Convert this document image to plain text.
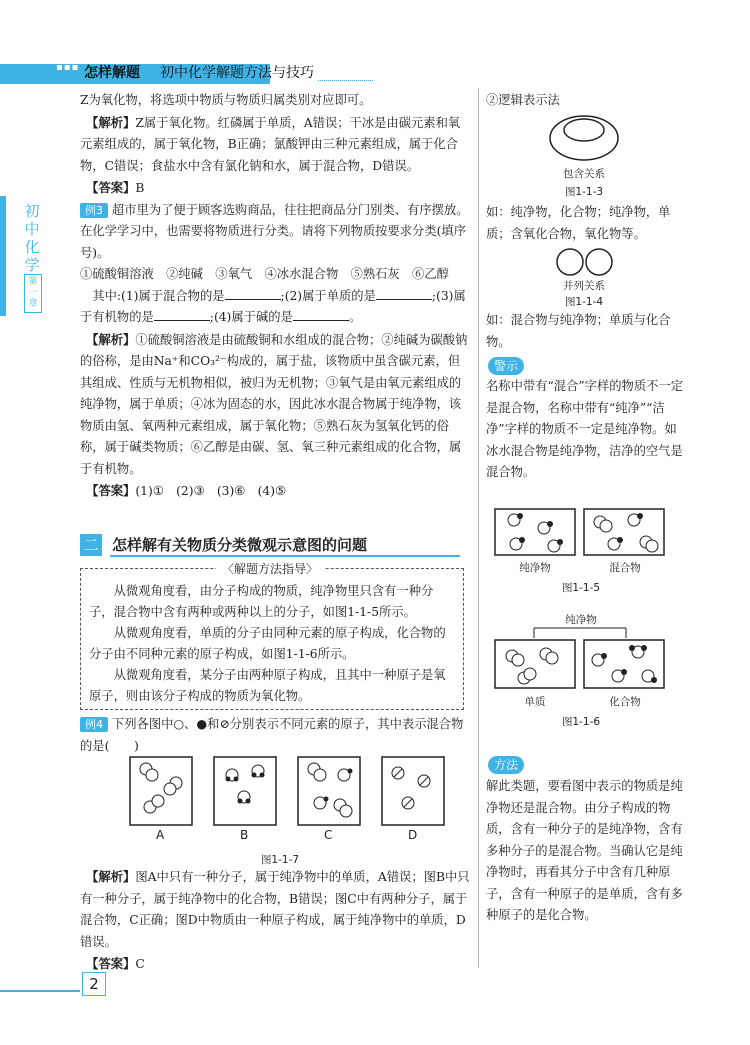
▪▪▪ 怎样解题 初中化学解题方法与技巧
初中化学
第一章

Z为氧化物，将选项中物质与物质归属类别对应即可。

　【解析】Z属于氧化物。红磷属于单质，A错误；干冰是由碳元素和氧元素组成的，属于氧化物，B正确；氯酸钾由三种元素组成，属于化合物，C错误；食盐水中含有氯化钠和水，属于混合物，D错误。

　【答案】B

例3 超市里为了便于顾客选购商品，往往把商品分门别类、有序摆放。在化学学习中，也需要将物质进行分类。请将下列物质按要求分类(填序号)。

①硫酸铜溶液　②纯碱　③氧气　④冰水混合物　⑤熟石灰　⑥乙醇

　其中:(1)属于混合物的是	;(2)属于单质的是	;(3)属于有机物的是	;(4)属于碱的是	。

　【解析】①硫酸铜溶液是由硫酸铜和水组成的混合物；②纯碱为碳酸钠的俗称，是由Na⁺和CO₃²⁻构成的，属于盐，该物质中虽含碳元素，但其组成、性质与无机物相似，被归为无机物；③氧气是由氧元素组成的纯净物，属于单质；④冰为固态的水，因此冰水混合物属于纯净物，该物质由氢、氧两种元素组成，属于氧化物；⑤熟石灰为氢氧化钙的俗称，属于碱类物质；⑥乙醇是由碳、氢、氧三种元素组成的化合物，属于有机物。

　【答案】(1)①　(2)③　(3)⑥　(4)⑤

二 怎样解有关物质分类微观示意图的问题
〈解题方法指导〉

　　从微观角度看，由分子构成的物质，纯净物里只含有一种分子，混合物中含有两种或两种以上的分子，如图1-1-5所示。

　　从微观角度看，单质的分子由同种元素的原子构成，化合物的分子由不同种元素的原子构成，如图1-1-6所示。

　　从微观角度看，某分子由两种原子构成，且其中一种原子是氧原子，则由该分子构成的物质为氧化物。

例4 下列各图中○、●和⊘分别表示不同元素的原子，其中表示混合物的是(　　)
A	B	C	D
图1-1-7

　【解析】图A中只有一种分子，属于纯净物中的单质，A错误；图B中只有一种分子，属于纯净物中的化合物，B错误；图C中有两种分子，属于混合物，C正确；图D中物质由一种原子构成，属于纯净物中的单质，D错误。

　【答案】C

②逻辑表示法
包含关系
图1-1-3
如：纯净物，化合物；纯净物，单质；含氧化合物，氧化物等。
并列关系
图1-1-4
如：混合物与纯净物；单质与化合物。
警示
名称中带有“混合”字样的物质不一定是混合物，名称中带有“纯净”“洁净”字样的物质不一定是纯净物。如冰水混合物是纯净物，洁净的空气是混合物。
纯净物	混合物
图1-1-5
纯净物
单质	化合物
图1-1-6
方法
解此类题，要看图中表示的物质是纯净物还是混合物。由分子构成的物质，含有一种分子的是纯净物，含有多种分子的是混合物。当确认它是纯净物时，再看其分子中含有几种原子，含有一种原子的是单质，含有多种原子的是化合物。
2
